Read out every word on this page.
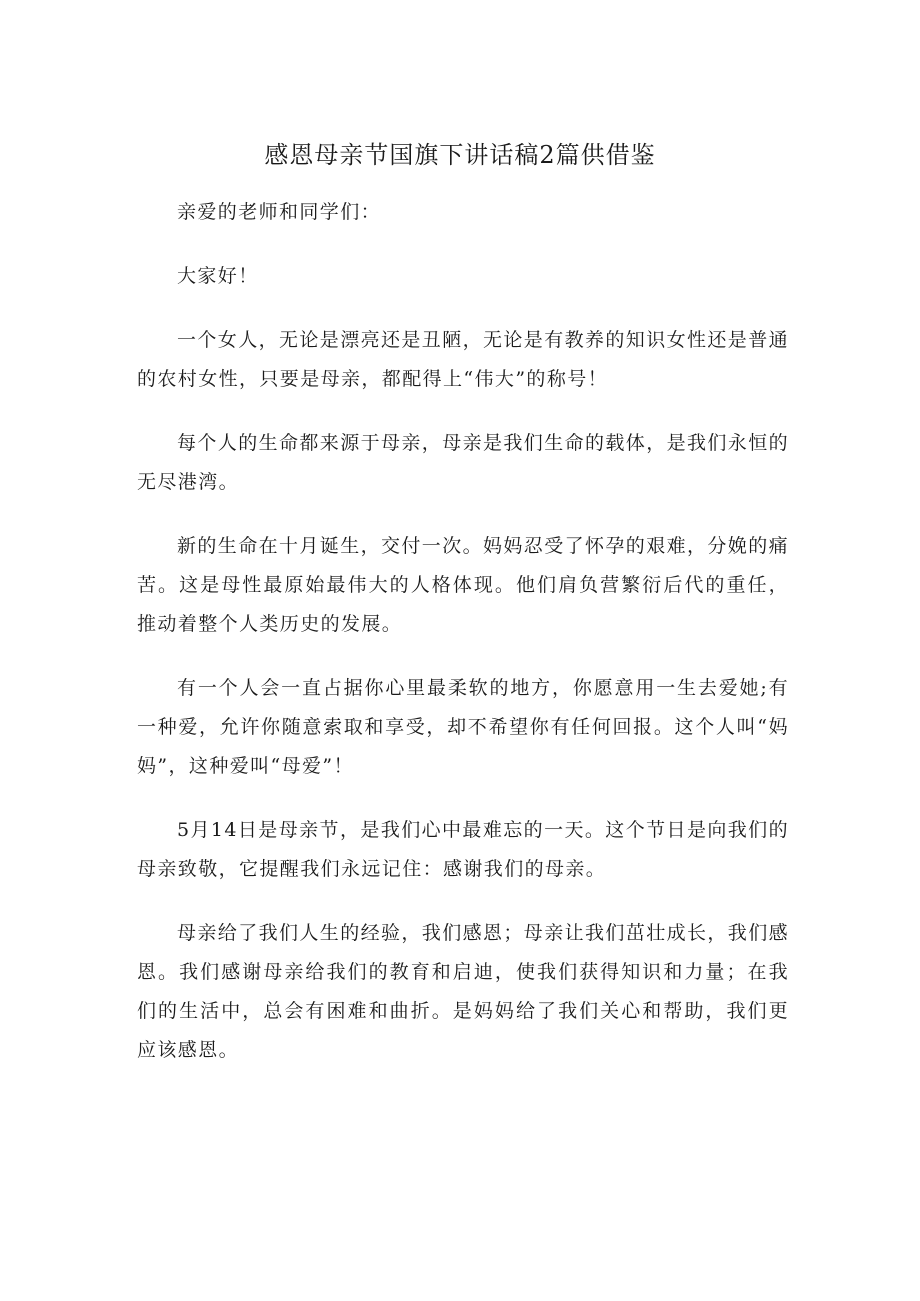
感恩母亲节国旗下讲话稿2篇供借鉴

亲爱的老师和同学们：

大家好！

一个女人，无论是漂亮还是丑陋，无论是有教养的知识女性还是普通的农村女性，只要是母亲，都配得上“伟大”的称号！

每个人的生命都来源于母亲，母亲是我们生命的载体，是我们永恒的无尽港湾。

新的生命在十月诞生，交付一次。妈妈忍受了怀孕的艰难，分娩的痛苦。这是母性最原始最伟大的人格体现。他们肩负营繁衍后代的重任，推动着整个人类历史的发展。

有一个人会一直占据你心里最柔软的地方，你愿意用一生去爱她;有一种爱，允许你随意索取和享受，却不希望你有任何回报。这个人叫“妈妈”，这种爱叫“母爱”！

5月14日是母亲节，是我们心中最难忘的一天。这个节日是向我们的母亲致敬，它提醒我们永远记住：感谢我们的母亲。

母亲给了我们人生的经验，我们感恩；母亲让我们茁壮成长，我们感恩。我们感谢母亲给我们的教育和启迪，使我们获得知识和力量；在我们的生活中，总会有困难和曲折。是妈妈给了我们关心和帮助，我们更应该感恩。
